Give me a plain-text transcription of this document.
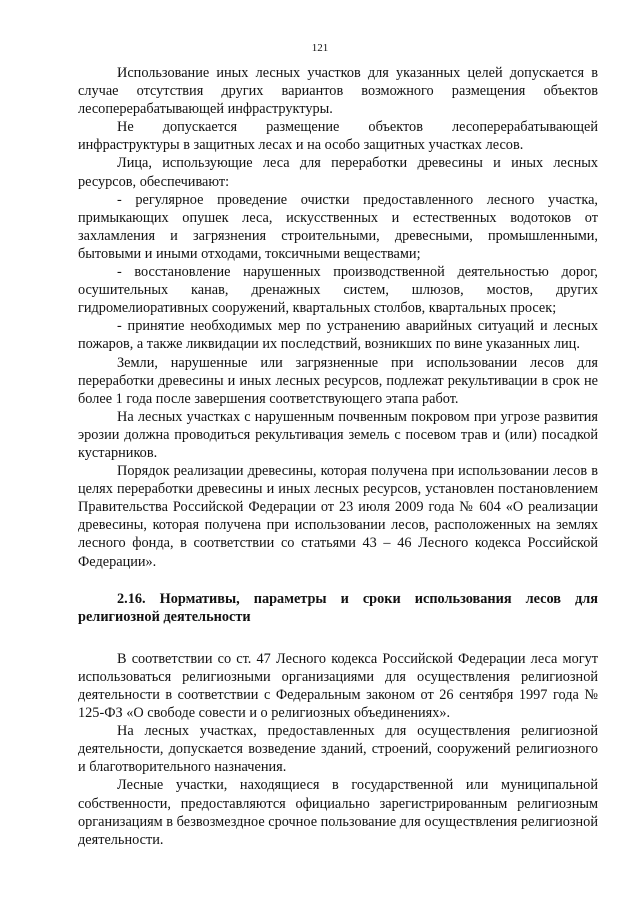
121

Использование иных лесных участков для указанных целей допускается в случае отсутствия других вариантов возможного размещения объектов лесоперерабатывающей инфраструктуры.

Не допускается размещение объектов лесоперерабатывающей инфраструктуры в защитных лесах и на особо защитных участках лесов.

Лица, использующие леса для переработки древесины и иных лесных ресурсов, обеспечивают:

- регулярное проведение очистки предоставленного лесного участка, примыкающих опушек леса, искусственных и естественных водотоков от захламления и загрязнения строительными, древесными, промышленными, бытовыми и иными отходами, токсичными веществами;

- восстановление нарушенных производственной деятельностью дорог, осушительных канав, дренажных систем, шлюзов, мостов, других гидромелиоративных сооружений, квартальных столбов, квартальных просек;

- принятие необходимых мер по устранению аварийных ситуаций и лесных пожаров, а также ликвидации их последствий, возникших по вине указанных лиц.

Земли, нарушенные или загрязненные при использовании лесов для переработки древесины и иных лесных ресурсов, подлежат рекультивации в срок не более 1 года после завершения соответствующего этапа работ.

На лесных участках с нарушенным почвенным покровом при угрозе развития эрозии должна проводиться рекультивация земель с посевом трав и (или) посадкой кустарников.

Порядок реализации древесины, которая получена при использовании лесов в целях переработки древесины и иных лесных ресурсов, установлен постановлением Правительства Российской Федерации от 23 июля 2009 года № 604 «О реализации древесины, которая получена при использовании лесов, расположенных на землях лесного фонда, в соответствии со статьями 43 – 46 Лесного кодекса Российской Федерации».

2.16. Нормативы, параметры и сроки использования лесов для религиозной деятельности

В соответствии со ст. 47 Лесного кодекса Российской Федерации леса могут использоваться религиозными организациями для осуществления религиозной деятельности в соответствии с Федеральным законом от 26 сентября 1997 года № 125-ФЗ «О свободе совести и о религиозных объединениях».

На лесных участках, предоставленных для осуществления религиозной деятельности, допускается возведение зданий, строений, сооружений религиозного и благотворительного назначения.

Лесные участки, находящиеся в государственной или муниципальной собственности, предоставляются официально зарегистрированным религиозным организациям в безвозмездное срочное пользование для осуществления религиозной деятельности.
